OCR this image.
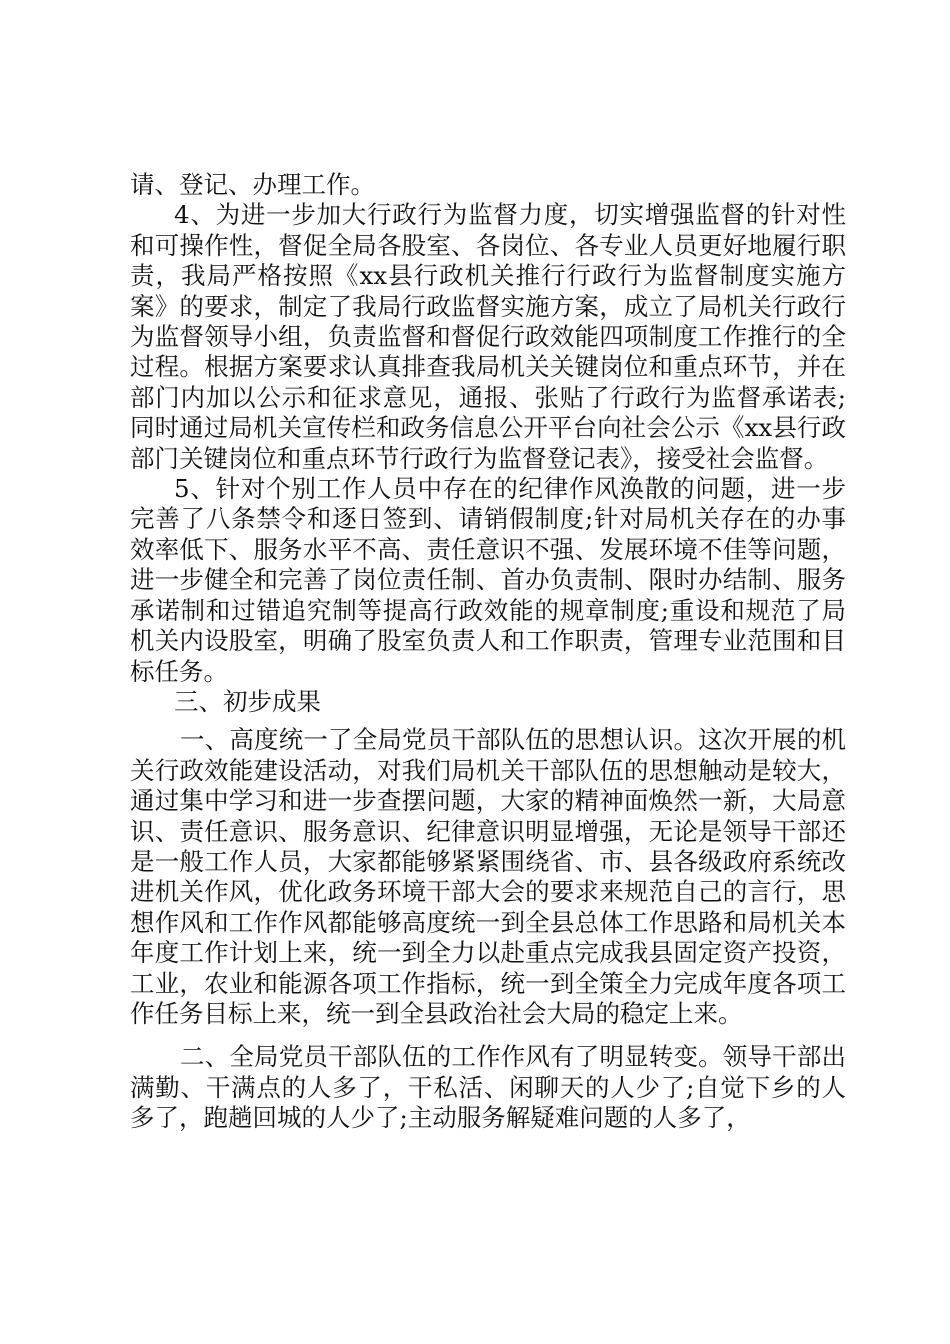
请、登记、办理工作。

4、为进一步加大行政行为监督力度，切实增强监督的针对性和可操作性，督促全局各股室、各岗位、各专业人员更好地履行职责，我局严格按照《xx县行政机关推行行政行为监督制度实施方案》的要求，制定了我局行政监督实施方案，成立了局机关行政行为监督领导小组，负责监督和督促行政效能四项制度工作推行的全过程。根据方案要求认真排查我局机关关键岗位和重点环节，并在部门内加以公示和征求意见，通报、张贴了行政行为监督承诺表;同时通过局机关宣传栏和政务信息公开平台向社会公示《xx县行政部门关键岗位和重点环节行政行为监督登记表》，接受社会监督。

5、针对个别工作人员中存在的纪律作风涣散的问题，进一步完善了八条禁令和逐日签到、请销假制度;针对局机关存在的办事效率低下、服务水平不高、责任意识不强、发展环境不佳等问题，进一步健全和完善了岗位责任制、首办负责制、限时办结制、服务承诺制和过错追究制等提高行政效能的规章制度;重设和规范了局机关内设股室，明确了股室负责人和工作职责，管理专业范围和目标任务。

三、初步成果

一、高度统一了全局党员干部队伍的思想认识。这次开展的机关行政效能建设活动，对我们局机关干部队伍的思想触动是较大，通过集中学习和进一步查摆问题，大家的精神面焕然一新，大局意识、责任意识、服务意识、纪律意识明显增强，无论是领导干部还是一般工作人员，大家都能够紧紧围绕省、市、县各级政府系统改进机关作风，优化政务环境干部大会的要求来规范自己的言行，思想作风和工作作风都能够高度统一到全县总体工作思路和局机关本年度工作计划上来，统一到全力以赴重点完成我县固定资产投资，工业，农业和能源各项工作指标，统一到全策全力完成年度各项工作任务目标上来，统一到全县政治社会大局的稳定上来。

二、全局党员干部队伍的工作作风有了明显转变。领导干部出满勤、干满点的人多了，干私活、闲聊天的人少了;自觉下乡的人多了，跑趟回城的人少了;主动服务解疑难问题的人多了，
